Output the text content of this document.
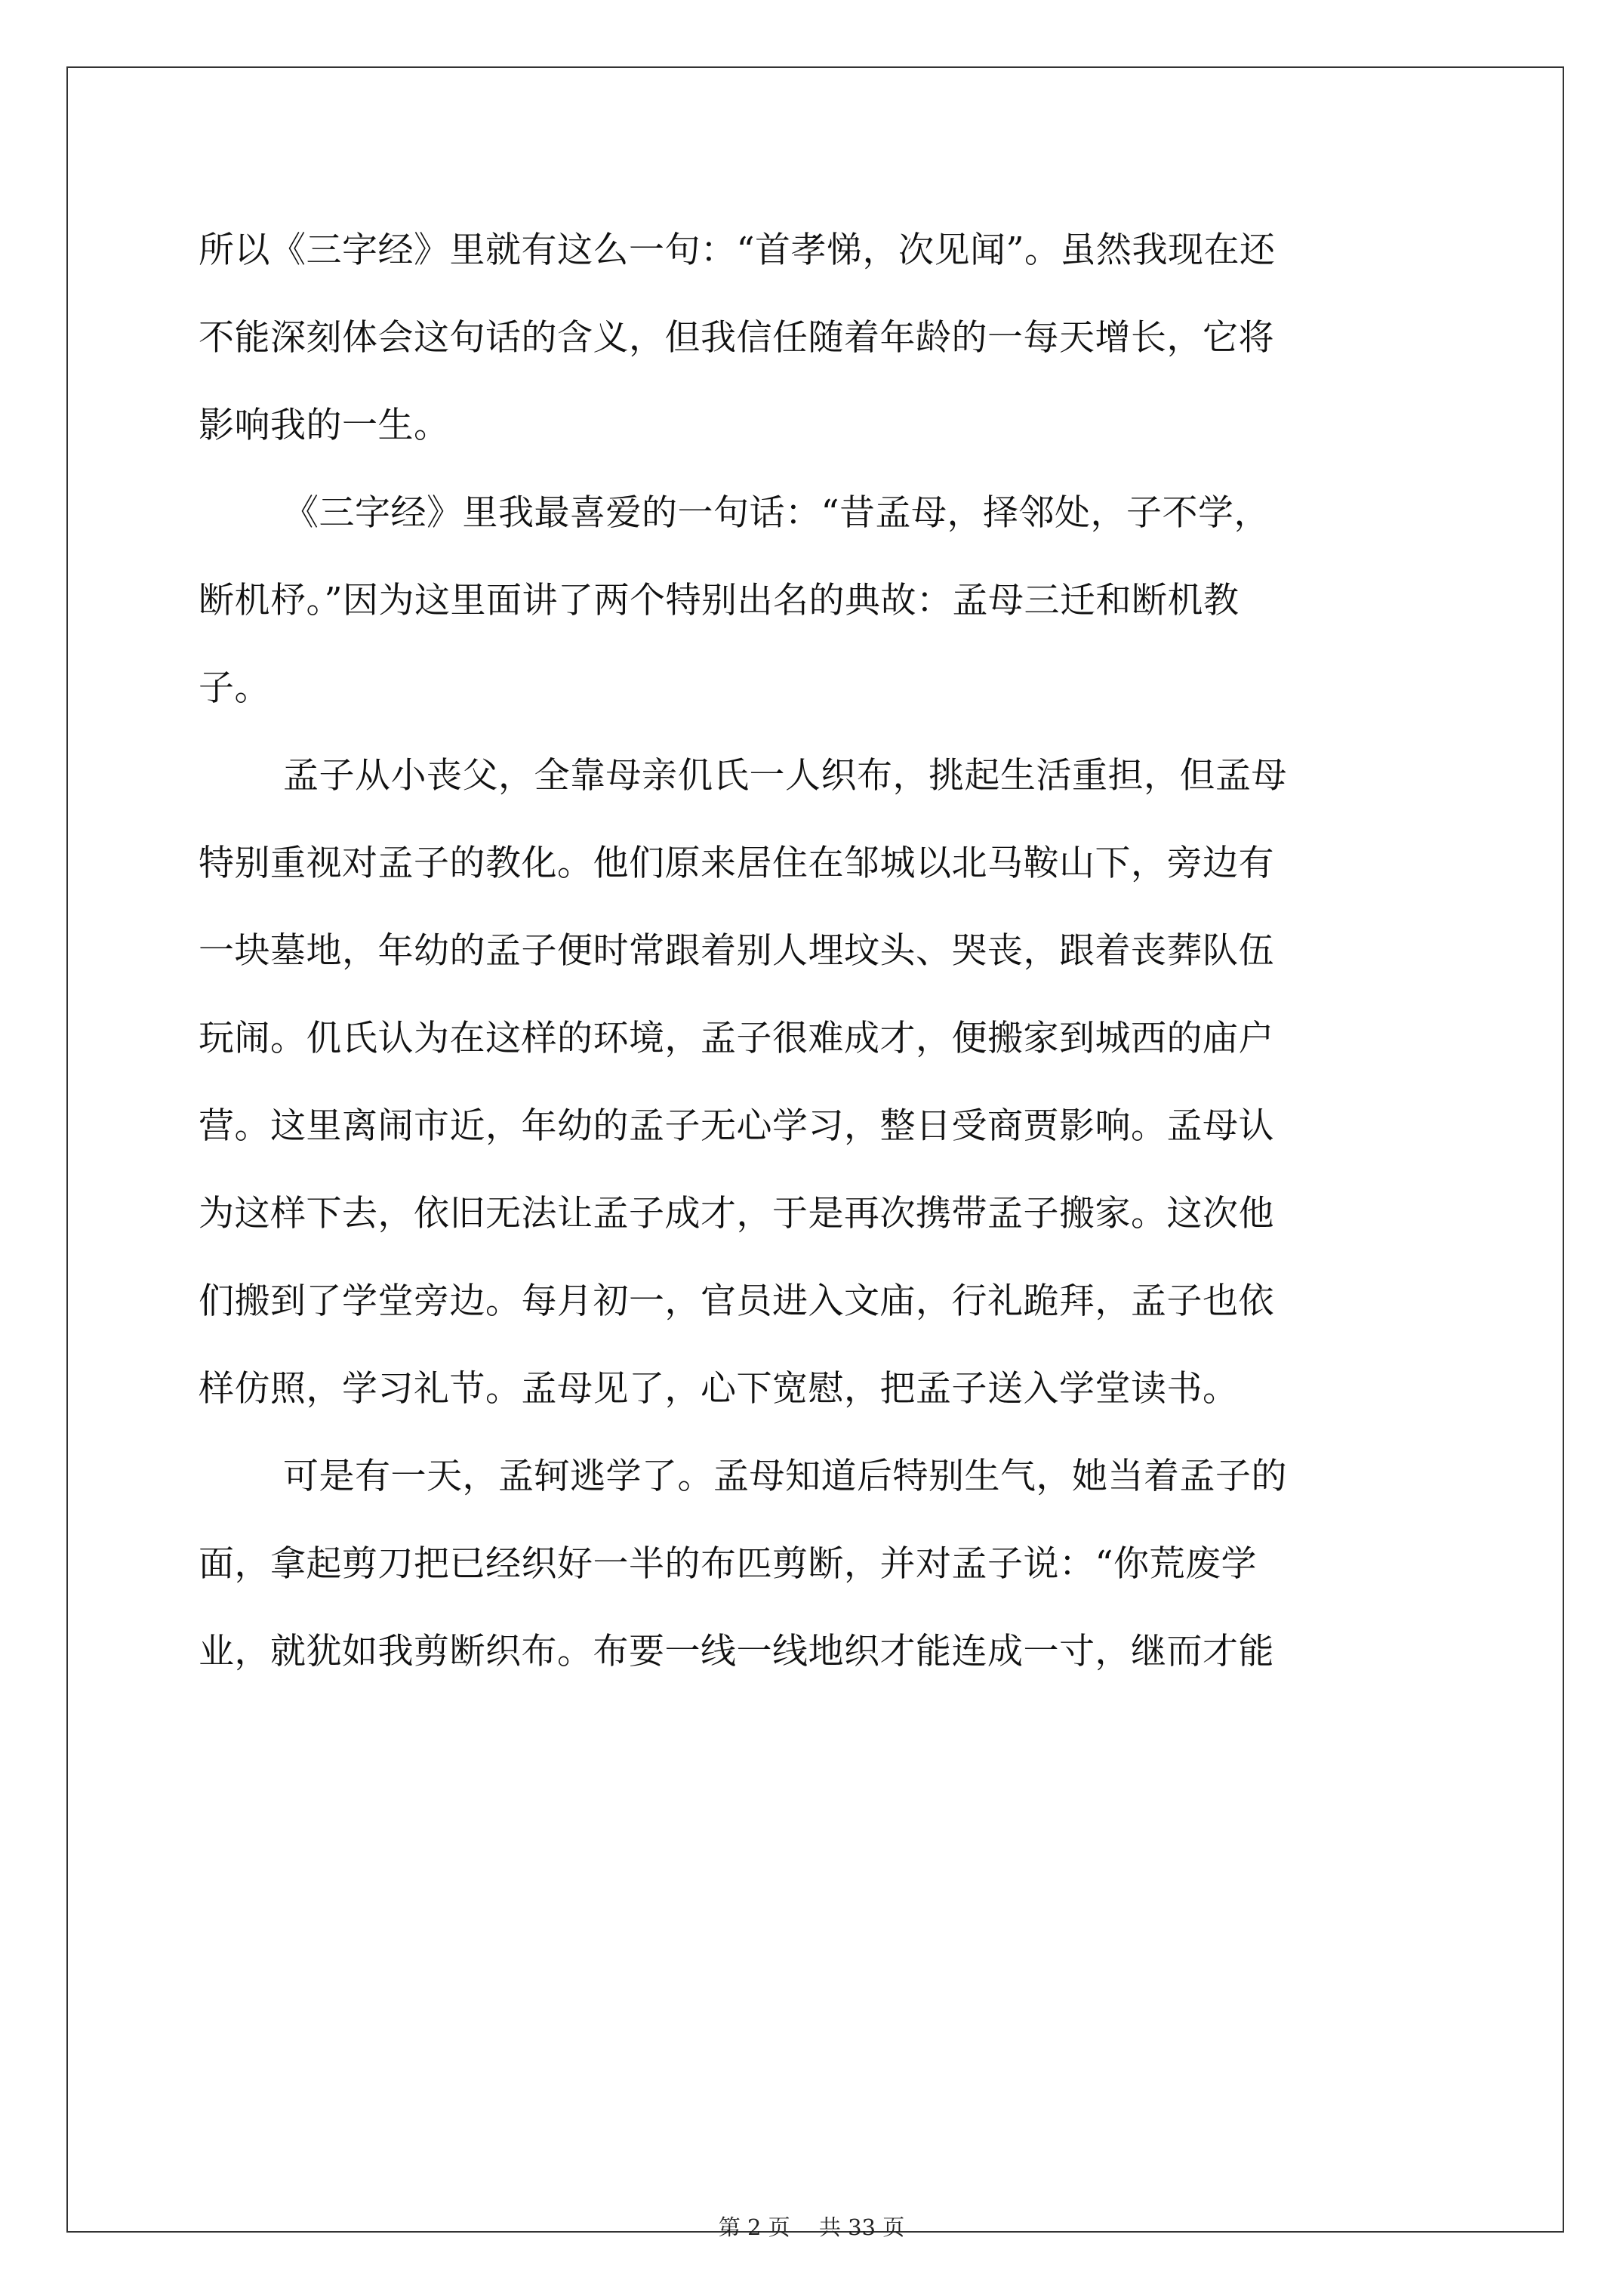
所以《三字经》里就有这么一句：“首孝悌，次见闻”。虽然我现在还
不能深刻体会这句话的含义，但我信任随着年龄的一每天增长，它将
影响我的一生。
《三字经》里我最喜爱的一句话：“昔孟母，择邻处，子不学，
断机杼。”因为这里面讲了两个特别出名的典故：孟母三迁和断机教
子。
孟子从小丧父，全靠母亲仉氏一人织布，挑起生活重担，但孟母
特别重视对孟子的教化。他们原来居住在邹城以北马鞍山下，旁边有
一块墓地，年幼的孟子便时常跟着别人埋坟头、哭丧，跟着丧葬队伍
玩闹。仉氏认为在这样的环境，孟子很难成才，便搬家到城西的庙户
营。这里离闹市近，年幼的孟子无心学习，整日受商贾影响。孟母认
为这样下去，依旧无法让孟子成才，于是再次携带孟子搬家。这次他
们搬到了学堂旁边。每月初一，官员进入文庙，行礼跪拜，孟子也依
样仿照，学习礼节。孟母见了，心下宽慰，把孟子送入学堂读书。
可是有一天，孟轲逃学了。孟母知道后特别生气，她当着孟子的
面，拿起剪刀把已经织好一半的布匹剪断，并对孟子说：“你荒废学
业，就犹如我剪断织布。布要一线一线地织才能连成一寸，继而才能
第 2 页　 共 33 页
